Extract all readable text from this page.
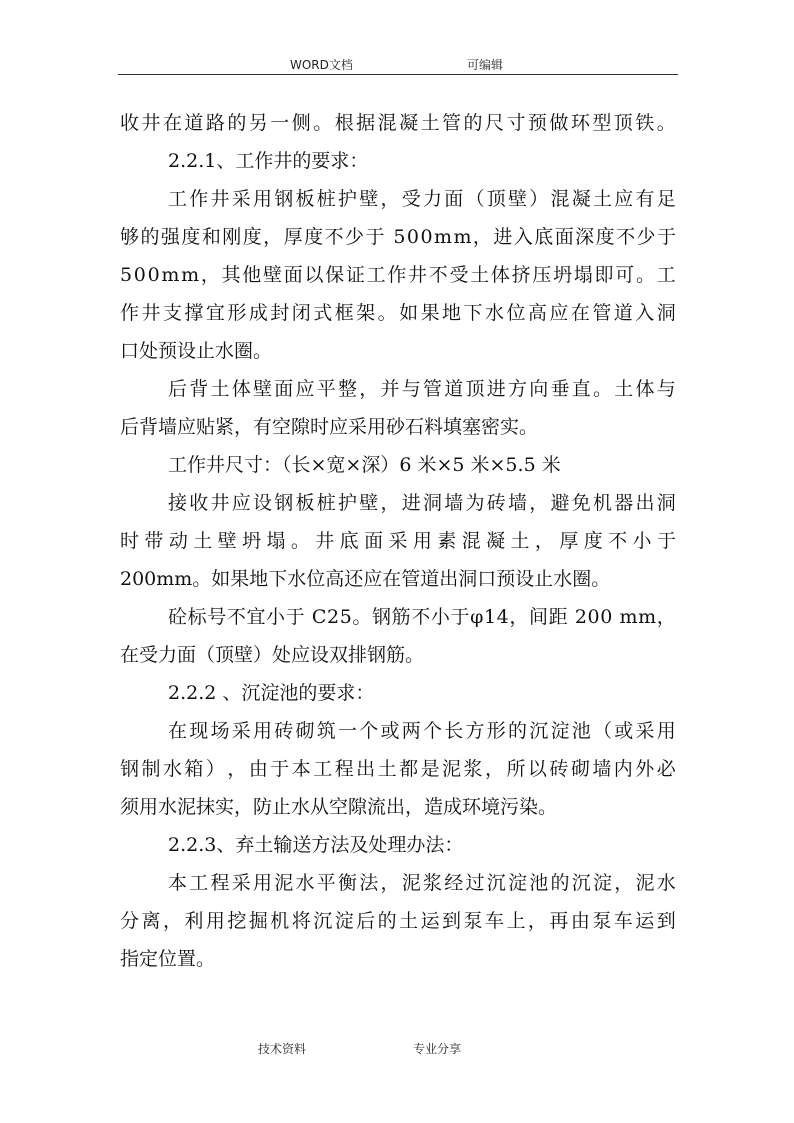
WORD文档	可编辑
收 井 在 道 路 的 另 一 侧 。 根 据 混 凝 土 管 的 尺 寸 预 做 环 型 顶 铁 。
2.2.1、工作井的要求：
工 作 井 采 用 钢 板 桩 护 壁 ， 受 力 面 （ 顶 壁 ） 混 凝 土 应 有 足
够 的 强 度 和 刚 度 ， 厚 度 不 少 于
5 0 0 m m ， 进 入 底 面 深 度 不 少 于
5 0 0 m m ， 其 他 壁 面 以 保 证 工 作 井 不 受 土 体 挤 压 坍 塌 即 可 。 工
作 井 支 撑 宜 形 成 封 闭 式 框 架 。 如 果 地 下 水 位 高 应 在 管 道 入 洞
口处预设止水圈。
后 背 土 体 壁 面 应 平 整 ， 并 与 管 道 顶 进 方 向 垂 直 。 土 体 与
后背墙应贴紧，有空隙时应采用砂石料填塞密实。
工作井尺寸：（长×宽×深）6 米×5 米×5.5 米
接 收 井 应 设 钢 板 桩 护 壁 ， 进 洞 墙 为 砖 墙 ， 避 免 机 器 出 洞
时 带 动 土 壁 坍 塌 。 井 底 面 采 用 素 混 凝 土 ， 厚 度 不 小 于
200mm。如果地下水位高还应在管道出洞口预设止水圈。
砼 标 号 不 宜 小 于
C 2 5 。 钢 筋 不 小 于 φ 1 4 ， 间 距
2 0 0
m m ，
在受力面（顶壁）处应设双排钢筋。
2.2.2 、沉淀池的要求：
在 现 场 采 用 砖 砌 筑 一 个 或 两 个 长 方 形 的 沉 淀 池 （ 或 采 用
钢 制 水 箱 ） ， 由 于 本 工 程 出 土 都 是 泥 浆 ， 所 以 砖 砌 墙 内 外 必
须用水泥抹实，防止水从空隙流出，造成环境污染。
2.2.3、弃土输送方法及处理办法：
本 工 程 采 用 泥 水 平 衡 法 ， 泥 浆 经 过 沉 淀 池 的 沉 淀 ， 泥 水
分 离 ， 利 用 挖 掘 机 将 沉 淀 后 的 土 运 到 泵 车 上 ， 再 由 泵 车 运 到
指定位置。
技术资料	专业分享
